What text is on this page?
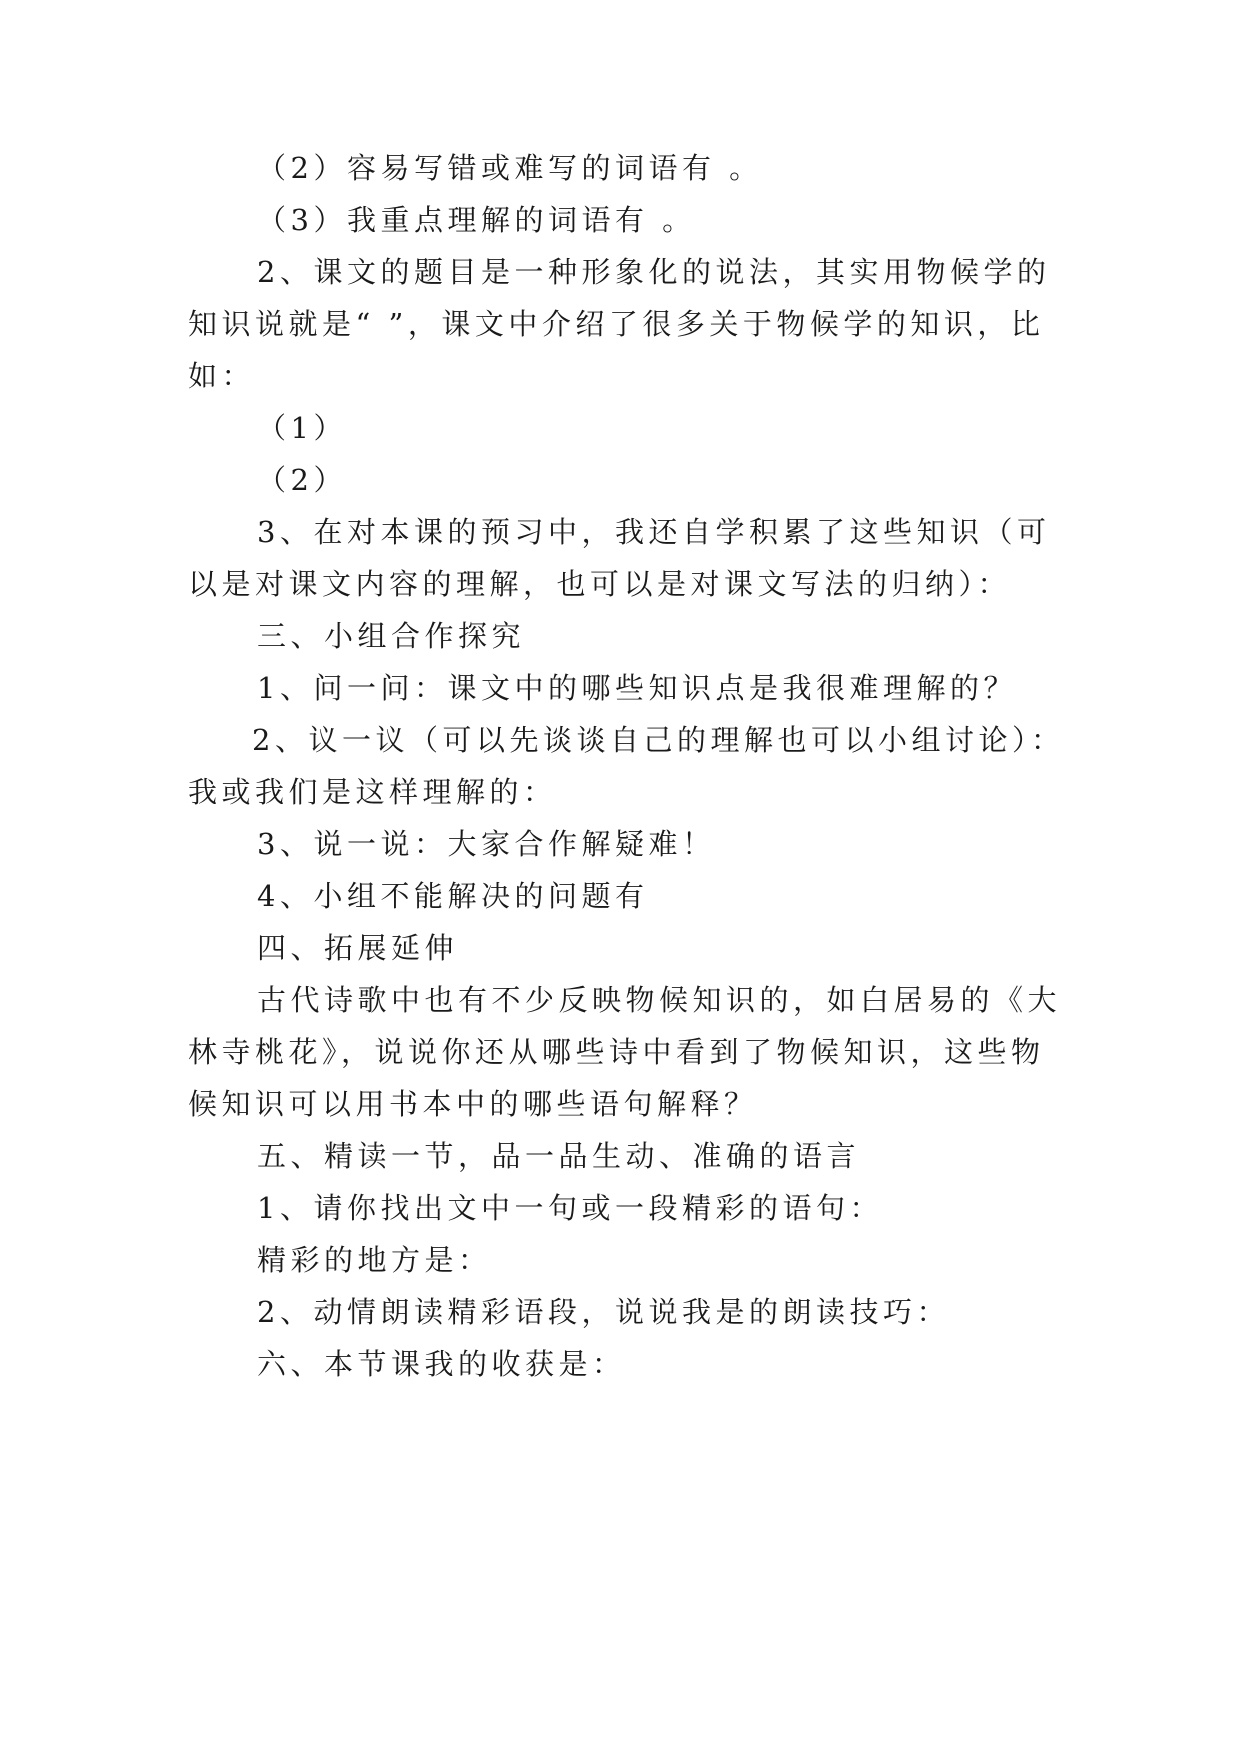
（2）容易写错或难写的词语有 。
（3）我重点理解的词语有 。
2、课文的题目是一种形象化的说法，其实用物候学的
知识说就是“ ”，课文中介绍了很多关于物候学的知识，比
如：
（1）
（2）
3、在对本课的预习中，我还自学积累了这些知识（可
以是对课文内容的理解，也可以是对课文写法的归纳）：
三、小组合作探究
1、问一问：课文中的哪些知识点是我很难理解的？
2、议一议（可以先谈谈自己的理解也可以小组讨论）：
我或我们是这样理解的：
3、说一说：大家合作解疑难！
4、小组不能解决的问题有
四、拓展延伸
古代诗歌中也有不少反映物候知识的，如白居易的《大
林寺桃花》，说说你还从哪些诗中看到了物候知识，这些物
候知识可以用书本中的哪些语句解释？
五、精读一节，品一品生动、准确的语言
1、请你找出文中一句或一段精彩的语句：
精彩的地方是：
2、动情朗读精彩语段，说说我是的朗读技巧：
六、本节课我的收获是：
